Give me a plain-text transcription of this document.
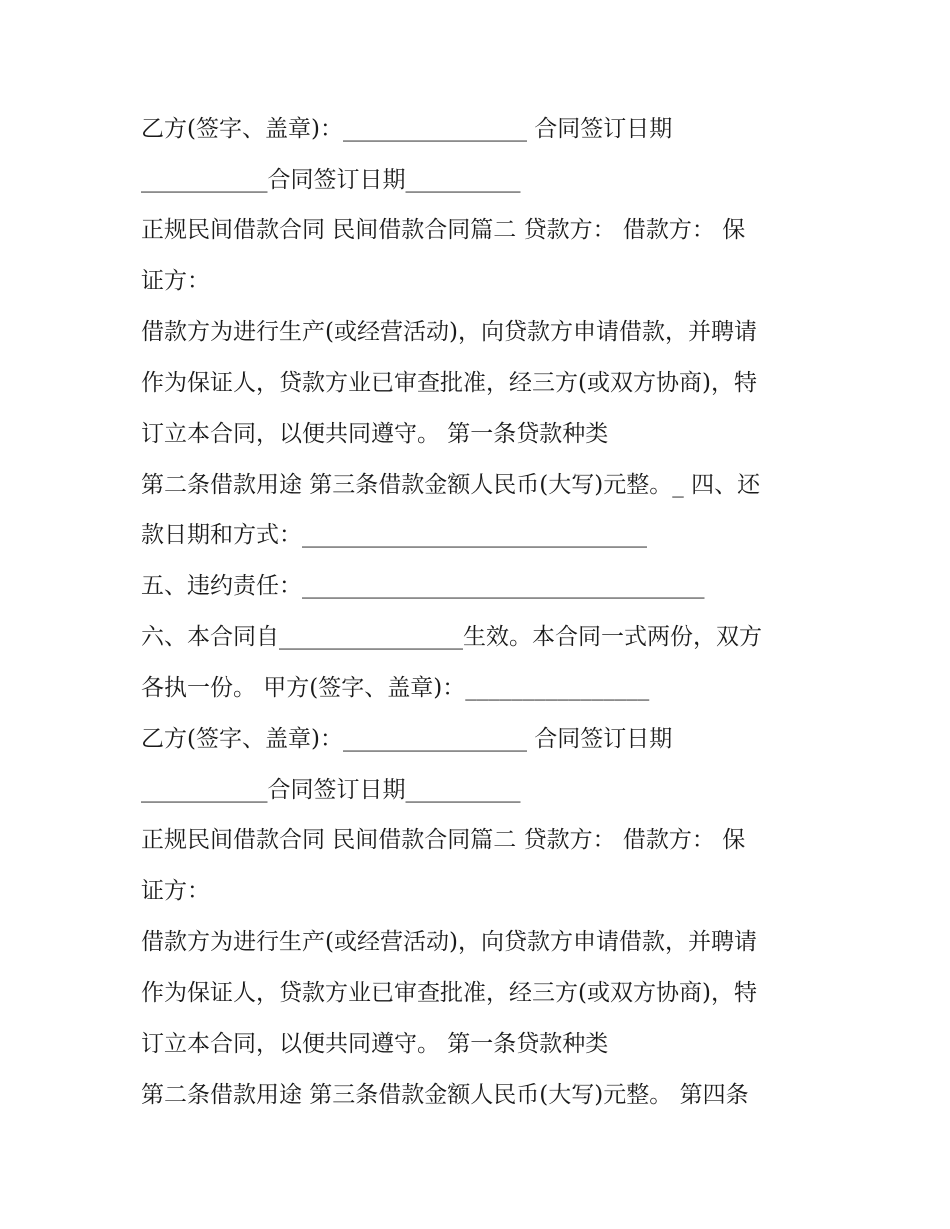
乙方(签字、盖章)：________________ 合同签订日期
___________合同签订日期__________
正规民间借款合同 民间借款合同篇二 贷款方： 借款方： 保
证方：
借款方为进行生产(或经营活动)，向贷款方申请借款，并聘请
作为保证人，贷款方业已审查批准，经三方(或双方协商)，特
订立本合同，以便共同遵守。 第一条贷款种类
第二条借款用途 第三条借款金额人民币(大写)元整。_ 四、还
款日期和方式：______________________________
五、违约责任：___________________________________
六、本合同自________________生效。本合同一式两份，双方
各执一份。 甲方(签字、盖章)：________________
乙方(签字、盖章)：________________ 合同签订日期
___________合同签订日期__________
正规民间借款合同 民间借款合同篇二 贷款方： 借款方： 保
证方：
借款方为进行生产(或经营活动)，向贷款方申请借款，并聘请
作为保证人，贷款方业已审查批准，经三方(或双方协商)，特
订立本合同，以便共同遵守。 第一条贷款种类
第二条借款用途 第三条借款金额人民币(大写)元整。 第四条
